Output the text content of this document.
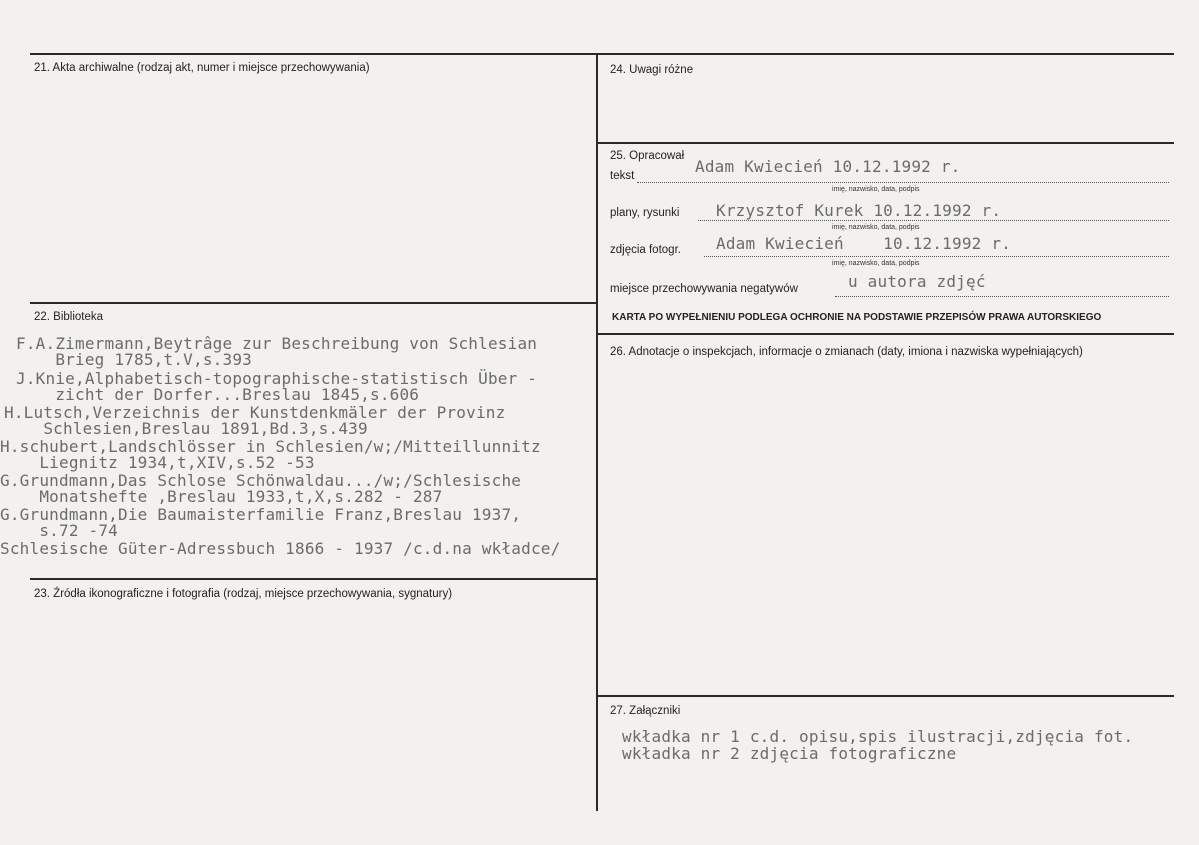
21. Akta archiwalne (rodzaj akt, numer i miejsce przechowywania)
22. Biblioteka
F.A.Zimermann,Beytrâge zur Beschreibung von Schlesian
Brieg 1785,t.V,s.393
J.Knie,Alphabetisch-topographische-statistisch Über -
zicht der Dorfer...Breslau 1845,s.606
H.Lutsch,Verzeichnis der Kunstdenkmäler der Provinz
Schlesien,Breslau 1891,Bd.3,s.439
H.schubert,Landschlösser in Schlesien/w;/Mitteillunnitz
Liegnitz 1934,t,XIV,s.52 -53
G.Grundmann,Das Schlose Schönwaldau.../w;/Schlesische
Monatshefte ,Breslau 1933,t,X,s.282 - 287
G.Grundmann,Die Baumaisterfamilie Franz,Breslau 1937,
s.72 -74
Schlesische Güter-Adressbuch 1866 - 1937 /c.d.na wkładce/
23. Źródła ikonograficzne i fotografia (rodzaj, miejsce przechowywania, sygnatury)
24. Uwagi różne
25. Opracował
tekst	Adam Kwiecień 10.12.1992 r.
imię, nazwisko, data, podpis
plany, rysunki Krzysztof Kurek 10.12.1992 r.
imię, nazwisko, data, podpis
zdjęcia fotogr. Adam Kwiecień    10.12.1992 r.
imię, nazwisko, data, podpis
miejsce przechowywania negatywów	u autora zdjęć
KARTA PO WYPEŁNIENIU PODLEGA OCHRONIE NA PODSTAWIE PRZEPISÓW PRAWA AUTORSKIEGO
26. Adnotacje o inspekcjach, informacje o zmianach (daty, imiona i nazwiska wypełniających)
27. Załączniki
wkładka nr 1 c.d. opisu,spis ilustracji,zdjęcia fot.
wkładka nr 2 zdjęcia fotograficzne
